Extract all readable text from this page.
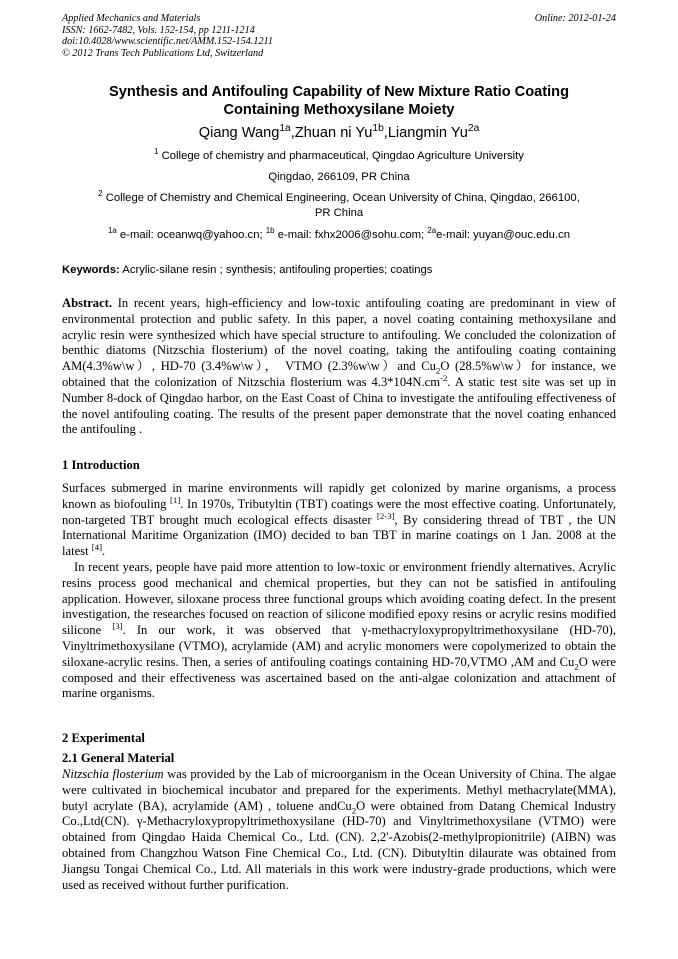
Applied Mechanics and Materials
ISSN: 1662-7482, Vols. 152-154, pp 1211-1214
doi:10.4028/www.scientific.net/AMM.152-154.1211
© 2012 Trans Tech Publications Ltd, Switzerland
Online: 2012-01-24
Synthesis and Antifouling Capability of New Mixture Ratio Coating
Containing Methoxysilane Moiety
Qiang Wang$^{1a}$,Zhuan ni $Yu^{1b},Liangmin$ $Yu^{2a}$
$^1$ College of chemistry and pharmaceutical, Qingdao Agriculture University
Qingdao, 266109, PR China
$^2$ College of Chemistry and Chemical Engineering, Ocean University of China, Qingdao, 266100,
PR China
$^{1a}$ e-mail: oceanwq@yahoo.cn; $^{1b}$ e-mail: fxhx2006@sohu.com; $^{2a}$e-mail: yuyan@ouc.edu.cn
Keywords: Acrylic-silane resin ; synthesis; antifouling properties; coatings
Abstract. In recent years, high-efficiency and low-toxic antifouling coating are predominant in view of environmental protection and public safety. In this paper, a novel coating containing methoxysilane and acrylic resin were synthesized which have special structure to antifouling. We concluded the colonization of benthic diatoms (Nitzschia flosterium) of the novel coating, taking the antifouling coating containing AM(4.3%w\w）, HD-70 (3.4%w\w）， VTMO (2.3%w\w）and $Cu_2O$ (28.5%w\w）for instance, we obtained that the colonization of Nitzschia flosterium was $4.3*104N.cm^{-2}$. A static test site was set up in Number 8-dock of Qingdao harbor, on the East Coast of China to investigate the antifouling effectiveness of the novel antifouling coating. The results of the present paper demonstrate that the novel coating enhanced the antifouling .
1 Introduction
Surfaces submerged in marine environments will rapidly get colonized by marine organisms, a process known as biofouling [1]. In 1970s, Tributyltin (TBT) coatings were the most effective coating. Unfortunately, non-targeted TBT brought much ecological effects disaster [2-3], By considering thread of TBT , the UN International Maritime Organization (IMO) decided to ban TBT in marine coatings on 1 Jan. 2008 at the latest [4].
In recent years, people have paid more attention to low-toxic or environment friendly alternatives. Acrylic resins process good mechanical and chemical properties, but they can not be satisfied in antifouling application. However, siloxane process three functional groups which avoiding coating defect. In the present investigation, the researches focused on reaction of silicone modified epoxy resins or acrylic resins modified silicone [3]. In our work, it was observed that γ-methacryloxypropyltrimethoxysilane (HD-70), Vinyltrimethoxysilane (VTMO), acrylamide (AM) and acrylic monomers were copolymerized to obtain the siloxane-acrylic resins. Then, a series of antifouling coatings containing HD-70,VTMO ,AM and $Cu_2O$ were composed and their effectiveness was ascertained based on the anti-algae colonization and attachment of marine organisms.
2 Experimental
2.1 General Material
Nitzschia flosterium was provided by the Lab of microorganism in the Ocean University of China. The algae were cultivated in biochemical incubator and prepared for the experiments. Methyl methacrylate(MMA), butyl acrylate (BA), acrylamide (AM) , toluene andCu$_2$O were obtained from Datang Chemical Industry Co.,Ltd(CN). γ-Methacryloxypropyltrimethoxysilane (HD-70) and Vinyltrimethoxysilane (VTMO) were obtained from Qingdao Haida Chemical Co., Ltd. (CN). 2,2'-Azobis(2-methylpropionitrile) (AIBN) was obtained from Changzhou Watson Fine Chemical Co., Ltd. (CN). Dibutyltin dilaurate was obtained from Jiangsu Tongai Chemical Co., Ltd. All materials in this work were industry-grade productions, which were used as received without further purification.
